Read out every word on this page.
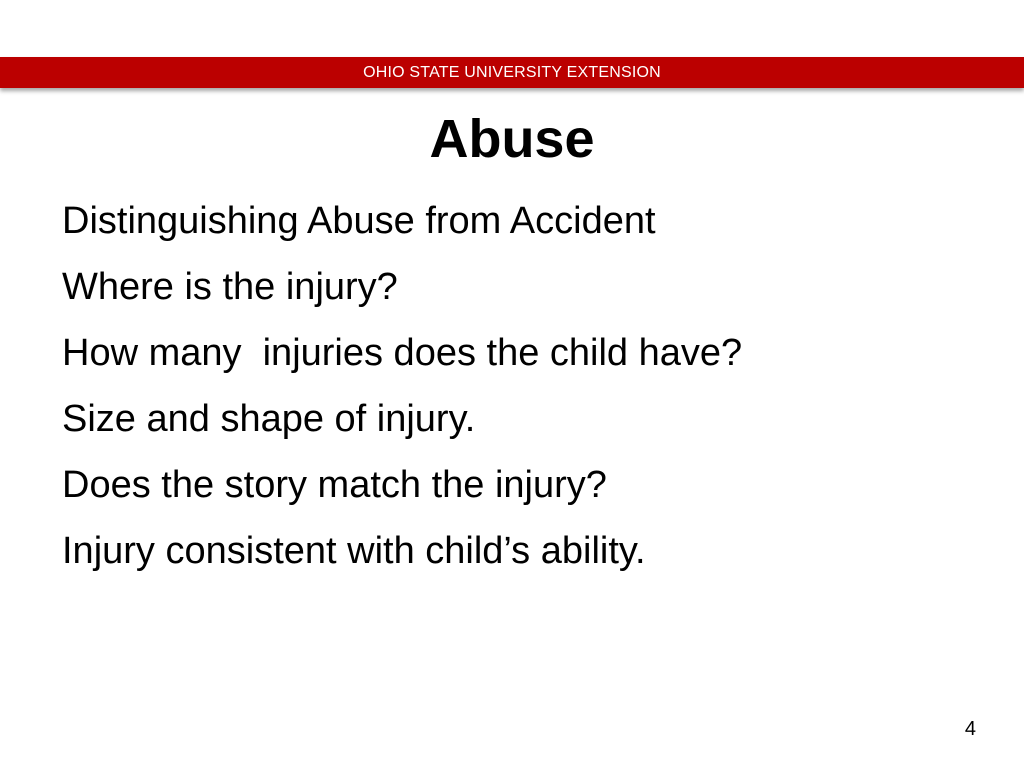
OHIO STATE UNIVERSITY EXTENSION
Abuse
Distinguishing Abuse from Accident
Where is the injury?
How many  injuries does the child have?
Size and shape of injury.
Does the story match the injury?
Injury consistent with child’s ability.
4
